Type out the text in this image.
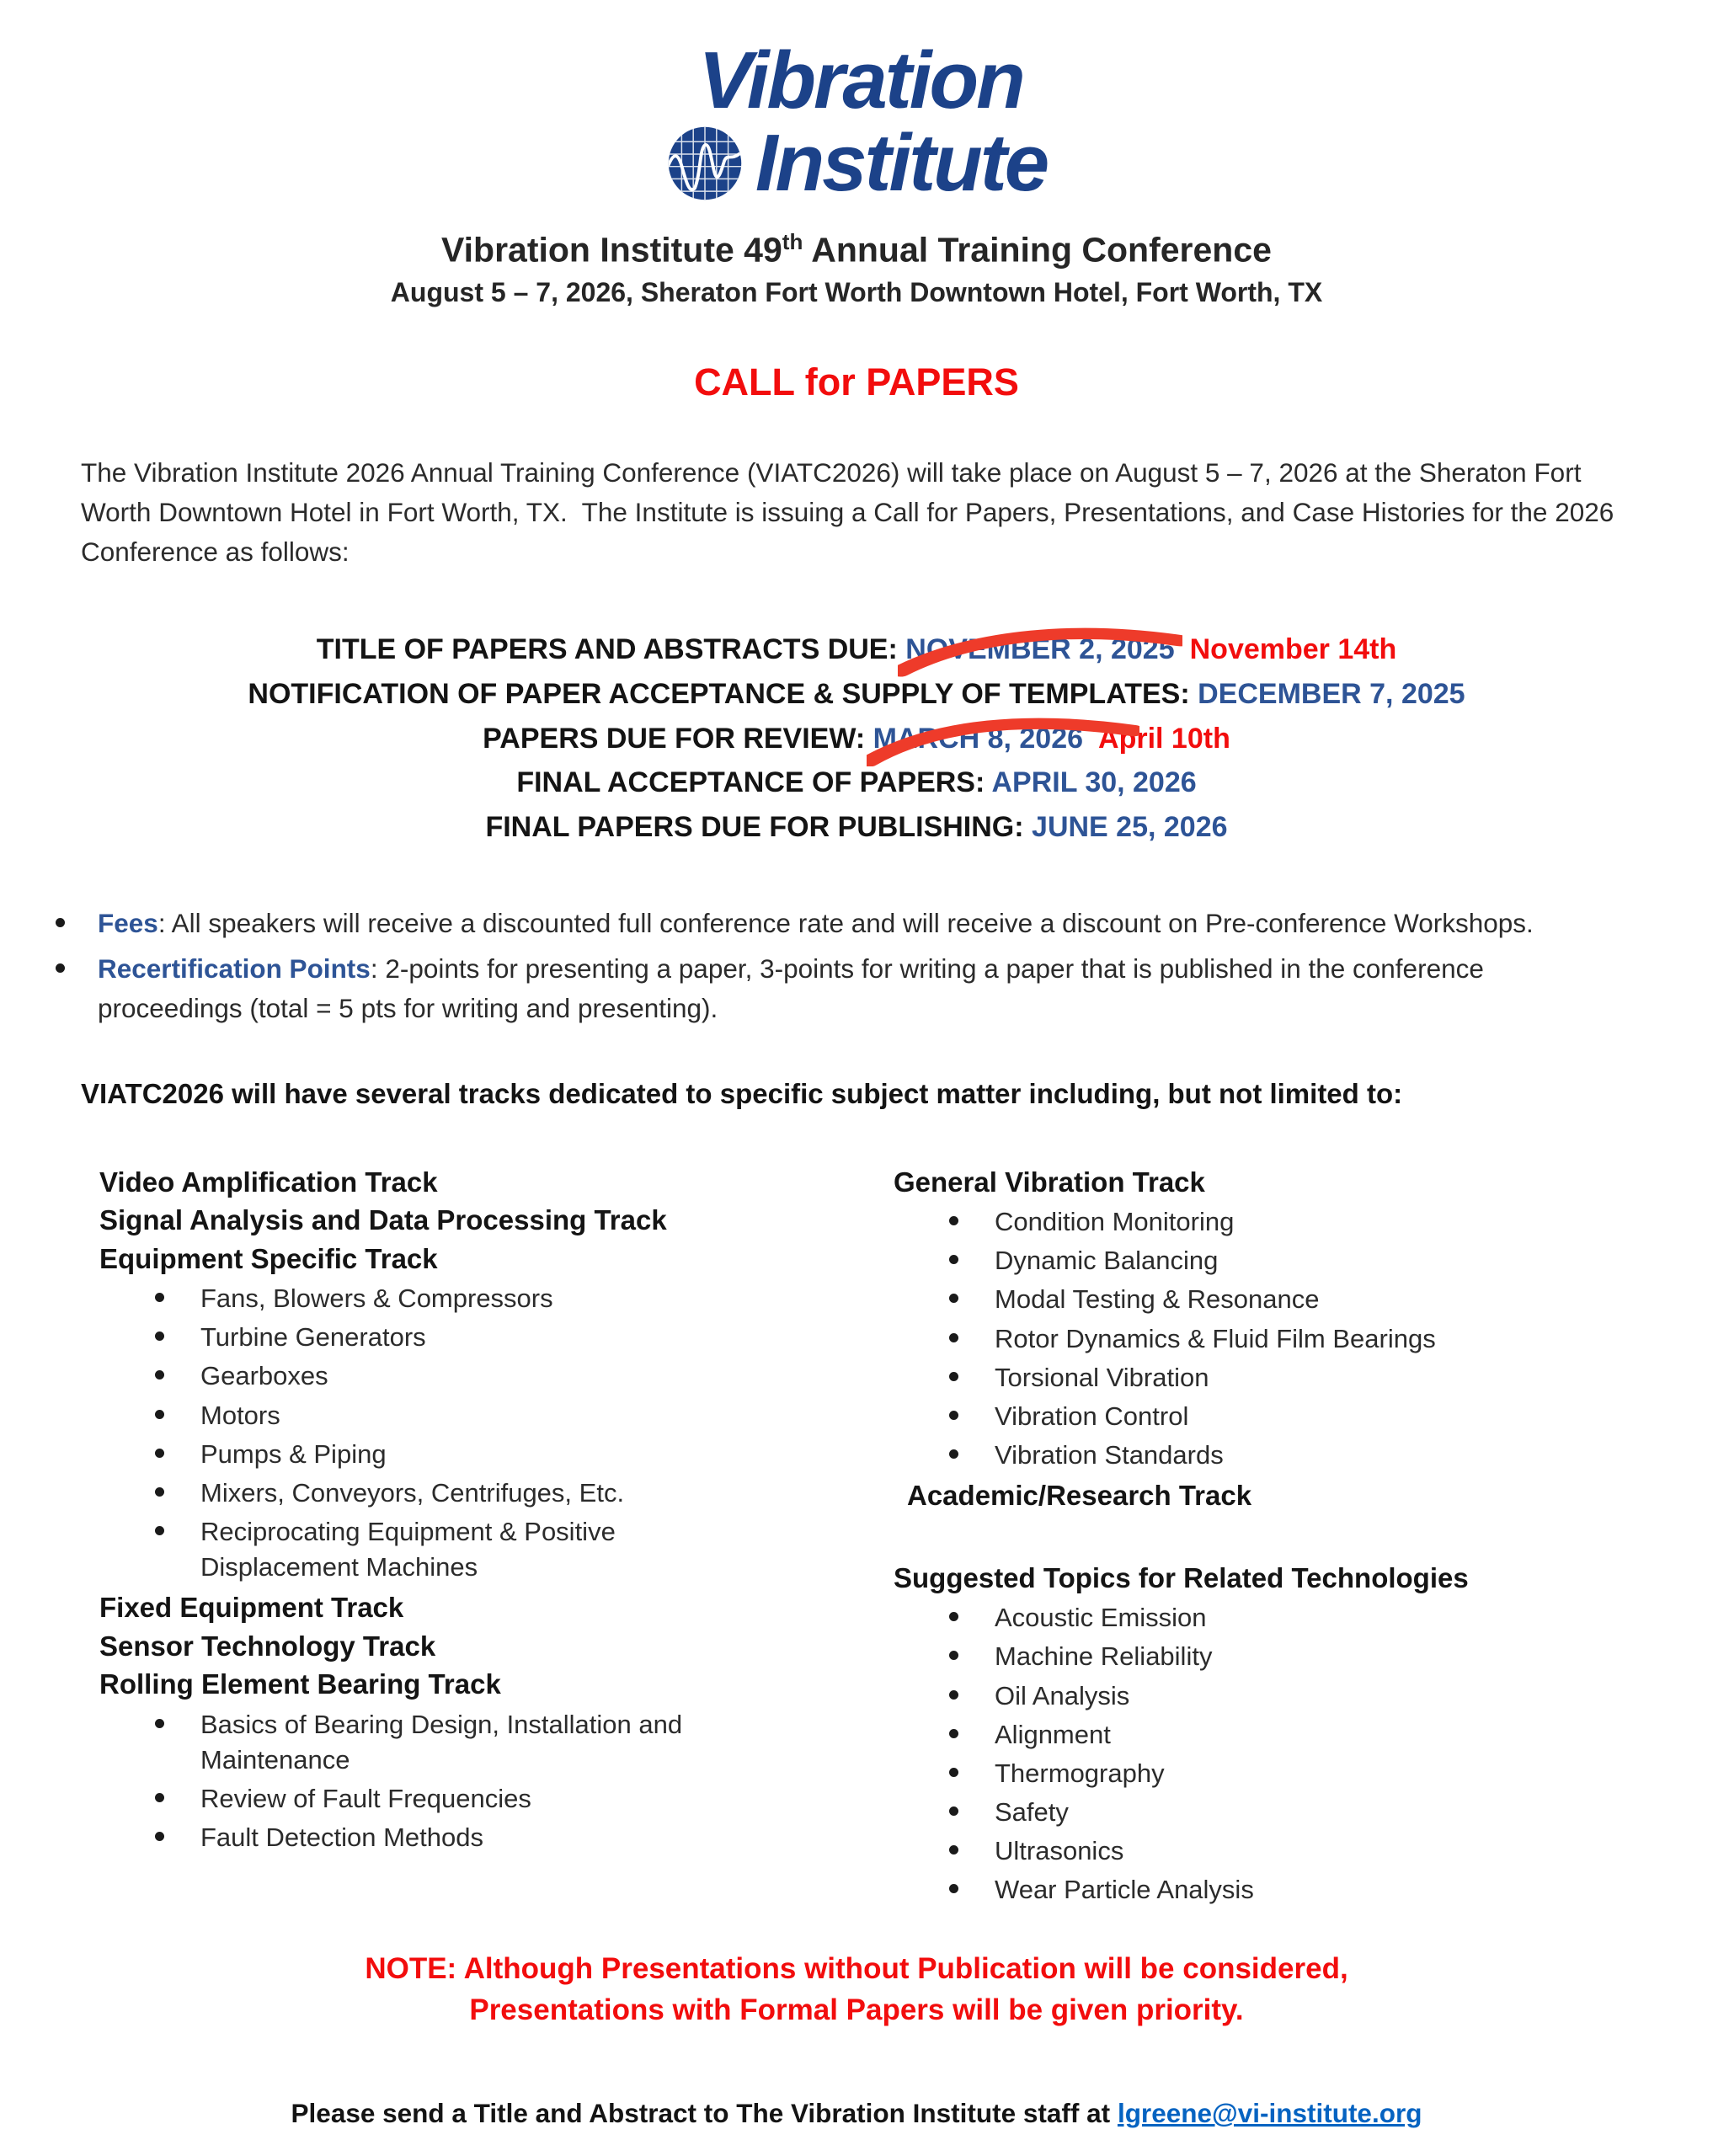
Vibration
Institute
Vibration Institute 49th Annual Training Conference
August 5 – 7, 2026, Sheraton Fort Worth Downtown Hotel, Fort Worth, TX
CALL for PAPERS

The Vibration Institute 2026 Annual Training Conference (VIATC2026) will take place on August 5 – 7, 2026 at the Sheraton Fort Worth Downtown Hotel in Fort Worth, TX.  The Institute is issuing a Call for Papers, Presentations, and Case Histories for the 2026 Conference as follows:

TITLE OF PAPERS AND ABSTRACTS DUE: NOVEMBER 2, 2025 November 14th
NOTIFICATION OF PAPER ACCEPTANCE & SUPPLY OF TEMPLATES: DECEMBER 7, 2025
PAPERS DUE FOR REVIEW: MARCH 8, 2026 April 10th
FINAL ACCEPTANCE OF PAPERS: APRIL 30, 2026
FINAL PAPERS DUE FOR PUBLISHING: JUNE 25, 2026
Fees: All speakers will receive a discounted full conference rate and will receive a discount on Pre-conference Workshops.
Recertification Points: 2-points for presenting a paper, 3-points for writing a paper that is published in the conference proceedings (total = 5 pts for writing and presenting).

VIATC2026 will have several tracks dedicated to specific subject matter including, but not limited to:

Video Amplification Track
Signal Analysis and Data Processing Track
Equipment Specific Track
Fans, Blowers & Compressors
Turbine Generators
Gearboxes
Motors
Pumps & Piping
Mixers, Conveyors, Centrifuges, Etc.
Reciprocating Equipment & Positive Displacement Machines
Fixed Equipment Track
Sensor Technology Track
Rolling Element Bearing Track
Basics of Bearing Design, Installation and Maintenance
Review of Fault Frequencies
Fault Detection Methods
General Vibration Track
Condition Monitoring
Dynamic Balancing
Modal Testing & Resonance
Rotor Dynamics & Fluid Film Bearings
Torsional Vibration
Vibration Control
Vibration Standards
Academic/Research Track
Suggested Topics for Related Technologies
Acoustic Emission
Machine Reliability
Oil Analysis
Alignment
Thermography
Safety
Ultrasonics
Wear Particle Analysis
NOTE: Although Presentations without Publication will be considered,
Presentations with Formal Papers will be given priority.
Please send a Title and Abstract to The Vibration Institute staff at lgreene@vi-institute.org
